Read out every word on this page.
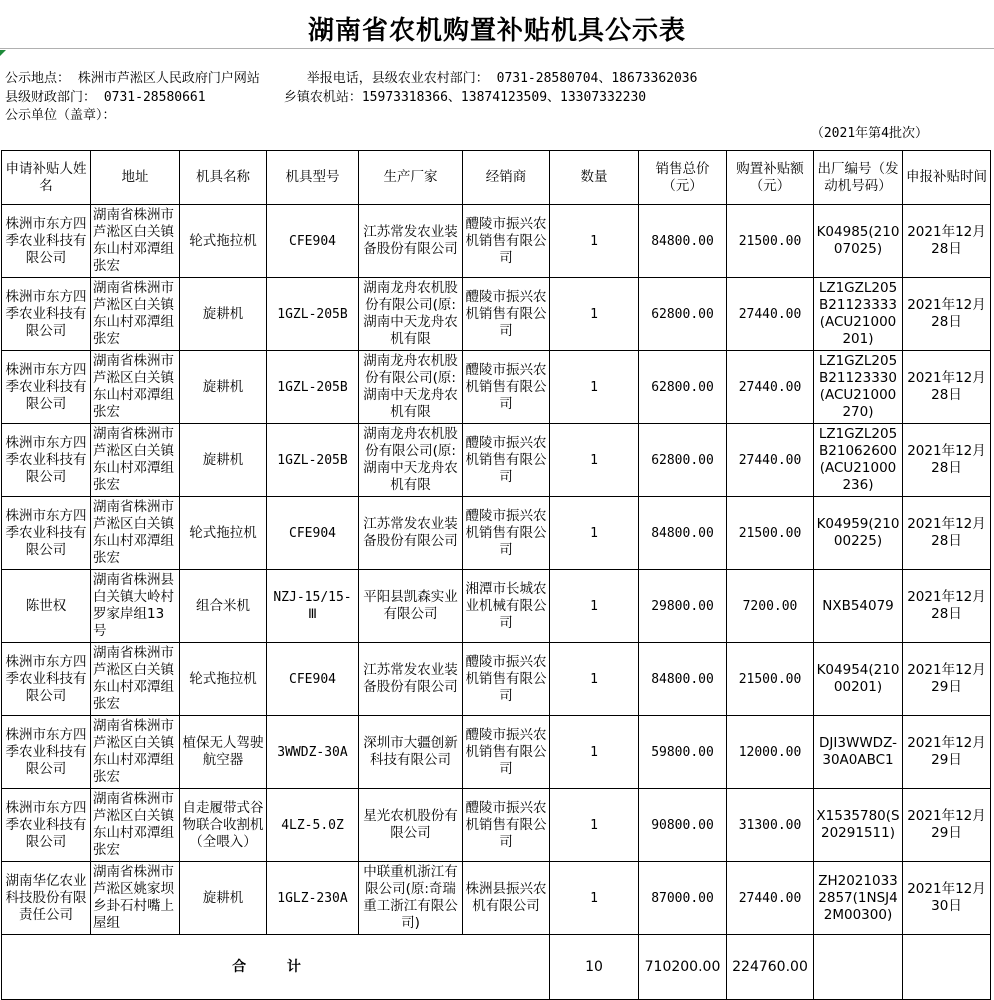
湖南省农机购置补贴机具公示表
公示地点： 株洲市芦淞区人民政府门户网站      举报电话，县级农业农村部门： 0731-28580704、18673362036
县级财政部门： 0731-28580661          乡镇农机站：15973318366、13874123509、13307332230
公示单位（盖章）：
（2021年第4批次）
申请补贴人姓名	地址	机具名称	机具型号	生产厂家	经销商	数量	销售总价（元）	购置补贴额（元）	出厂编号（发动机号码）	申报补贴时间
株洲市东方四季农业科技有限公司	湖南省株洲市芦淞区白关镇东山村邓潭组张宏	轮式拖拉机	CFE904	江苏常发农业装备股份有限公司	醴陵市振兴农机销售有限公司	1	84800.00	21500.00	K04985(21007025)	2021年12月28日
株洲市东方四季农业科技有限公司	湖南省株洲市芦淞区白关镇东山村邓潭组张宏	旋耕机	1GZL-205B	湖南龙舟农机股份有限公司(原:湖南中天龙舟农机有限	醴陵市振兴农机销售有限公司	1	62800.00	27440.00	LZ1GZL205B21123333(ACU21000201)	2021年12月28日
株洲市东方四季农业科技有限公司	湖南省株洲市芦淞区白关镇东山村邓潭组张宏	旋耕机	1GZL-205B	湖南龙舟农机股份有限公司(原:湖南中天龙舟农机有限	醴陵市振兴农机销售有限公司	1	62800.00	27440.00	LZ1GZL205B21123330(ACU21000270)	2021年12月28日
株洲市东方四季农业科技有限公司	湖南省株洲市芦淞区白关镇东山村邓潭组张宏	旋耕机	1GZL-205B	湖南龙舟农机股份有限公司(原:湖南中天龙舟农机有限	醴陵市振兴农机销售有限公司	1	62800.00	27440.00	LZ1GZL205B21062600(ACU21000236)	2021年12月28日
株洲市东方四季农业科技有限公司	湖南省株洲市芦淞区白关镇东山村邓潭组张宏	轮式拖拉机	CFE904	江苏常发农业装备股份有限公司	醴陵市振兴农机销售有限公司	1	84800.00	21500.00	K04959(21000225)	2021年12月28日
陈世权	湖南省株洲县白关镇大岭村罗家岸组13号	组合米机	NZJ-15/15-Ⅲ	平阳县凯森实业有限公司	湘潭市长城农业机械有限公司	1	29800.00	7200.00	NXB54079	2021年12月28日
株洲市东方四季农业科技有限公司	湖南省株洲市芦淞区白关镇东山村邓潭组张宏	轮式拖拉机	CFE904	江苏常发农业装备股份有限公司	醴陵市振兴农机销售有限公司	1	84800.00	21500.00	K04954(21000201)	2021年12月29日
株洲市东方四季农业科技有限公司	湖南省株洲市芦淞区白关镇东山村邓潭组张宏	植保无人驾驶航空器	3WWDZ-30A	深圳市大疆创新科技有限公司	醴陵市振兴农机销售有限公司	1	59800.00	12000.00	DJI3WWDZ-30A0ABC1	2021年12月29日
株洲市东方四季农业科技有限公司	湖南省株洲市芦淞区白关镇东山村邓潭组张宏	自走履带式谷物联合收割机（全喂入）	4LZ-5.0Z	星光农机股份有限公司	醴陵市振兴农机销售有限公司	1	90800.00	31300.00	X1535780(S20291511)	2021年12月29日
湖南华亿农业科技股份有限责任公司	湖南省株洲市芦淞区姚家坝乡卦石村嘴上屋组	旋耕机	1GLZ-230A	中联重机浙江有限公司(原:奇瑞重工浙江有限公司)	株洲县振兴农机有限公司	1	87000.00	27440.00	ZH20210332857(1NSJ42M00300)	2021年12月30日
合 计						10	710200.00	224760.00		
